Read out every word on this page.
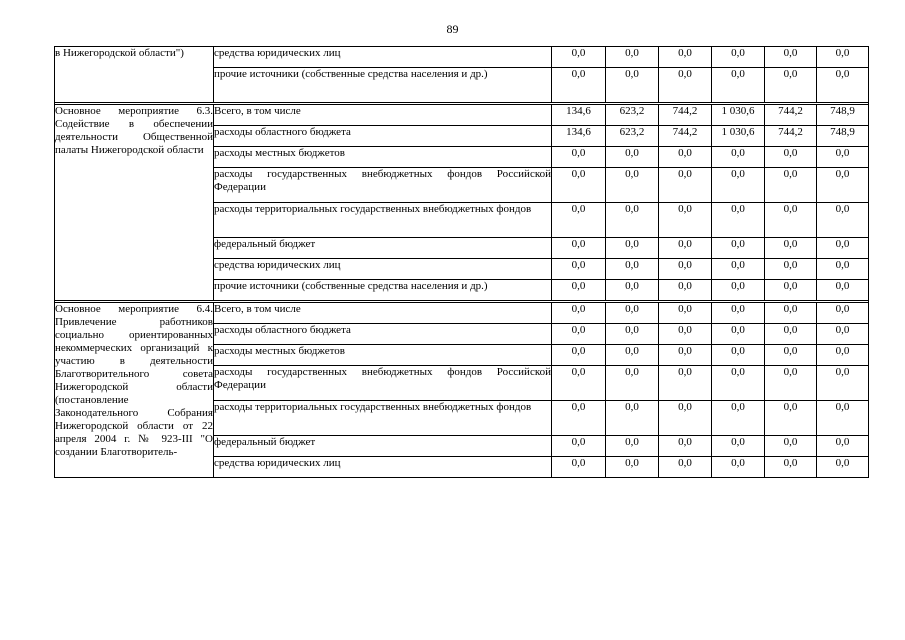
89
в Нижегородской области")	средства юридических лиц	0,0	0,0	0,0	0,0	0,0	0,0
	прочие источники (собственные средства населения и др.)	0,0	0,0	0,0	0,0	0,0	0,0

Основное мероприятие 6.3. Содействие в обеспечении деятельности Общественной палаты Нижегородской области	Всего, в том числе	134,6	623,2	744,2	1 030,6	744,2	748,9
	расходы областного бюджета	134,6	623,2	744,2	1 030,6	744,2	748,9
	расходы местных бюджетов	0,0	0,0	0,0	0,0	0,0	0,0
	расходы государственных внебюджетных фондов Российской Федерации	0,0	0,0	0,0	0,0	0,0	0,0
	расходы территориальных государственных внебюджетных фондов	0,0	0,0	0,0	0,0	0,0	0,0
	федеральный бюджет	0,0	0,0	0,0	0,0	0,0	0,0
	средства юридических лиц	0,0	0,0	0,0	0,0	0,0	0,0
	прочие источники (собственные средства населения и др.)	0,0	0,0	0,0	0,0	0,0	0,0

Основное мероприятие 6.4. Привлечение работников социально ориентированных некоммерческих организаций к участию в деятельности Благотворительного совета Нижегородской области (постановление Законодательного Собрания Нижегородской области от 22 апреля 2004 г. № 923-III "О создании Благотворитель-	Всего, в том числе	0,0	0,0	0,0	0,0	0,0	0,0
	расходы областного бюджета	0,0	0,0	0,0	0,0	0,0	0,0
	расходы местных бюджетов	0,0	0,0	0,0	0,0	0,0	0,0
	расходы государственных внебюджетных фондов Российской Федерации	0,0	0,0	0,0	0,0	0,0	0,0
	расходы территориальных государственных внебюджетных фондов	0,0	0,0	0,0	0,0	0,0	0,0
	федеральный бюджет	0,0	0,0	0,0	0,0	0,0	0,0
	средства юридических лиц	0,0	0,0	0,0	0,0	0,0	0,0
